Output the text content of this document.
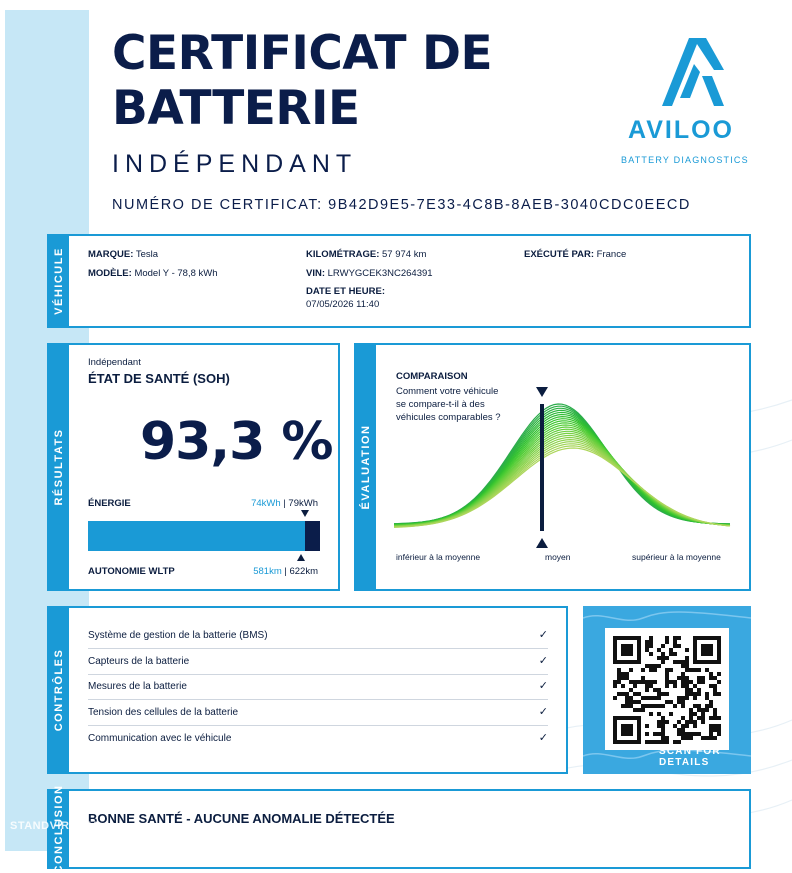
CERTIFICAT DE
BATTERIE
INDÉPENDANT
NUMÉRO DE CERTIFICAT: 9B42D9E5-7E33-4C8B-8AEB-3040CDC0EECD
AVILOO
BATTERY DIAGNOSTICS
VÉHICULE MARQUE: Tesla
MODÈLE: Model Y - 78,8 kWh
KILOMÉTRAGE: 57 974 km
VIN: LRWYGCEK3NC264391
DATE ET HEURE:
07/05/2026 11:40
EXÉCUTÉ PAR: France
RÉSULTATS
Indépendant
ÉTAT DE SANTÉ (SOH)
93,3 %
ÉNERGIE	74kWh | 79kWh
AUTONOMIE WLTP	581km | 622km
ÉVALUATION
COMPARAISON
Comment votre véhicule
se compare-t-il à des
véhicules comparables ?
inférieur à la moyenne	moyen	supérieur à la moyenne
CONTRÔLES
Système de gestion de la batterie (BMS)	✓
Capteurs de la batterie	✓
Mesures de la batterie	✓
Tension des cellules de la batterie	✓
Communication avec le véhicule	✓
SCAN FOR DETAILS
CONCLUSION BONNE SANTÉ - AUCUNE ANOMALIE DÉTECTÉE
STANDVIRTUAL
